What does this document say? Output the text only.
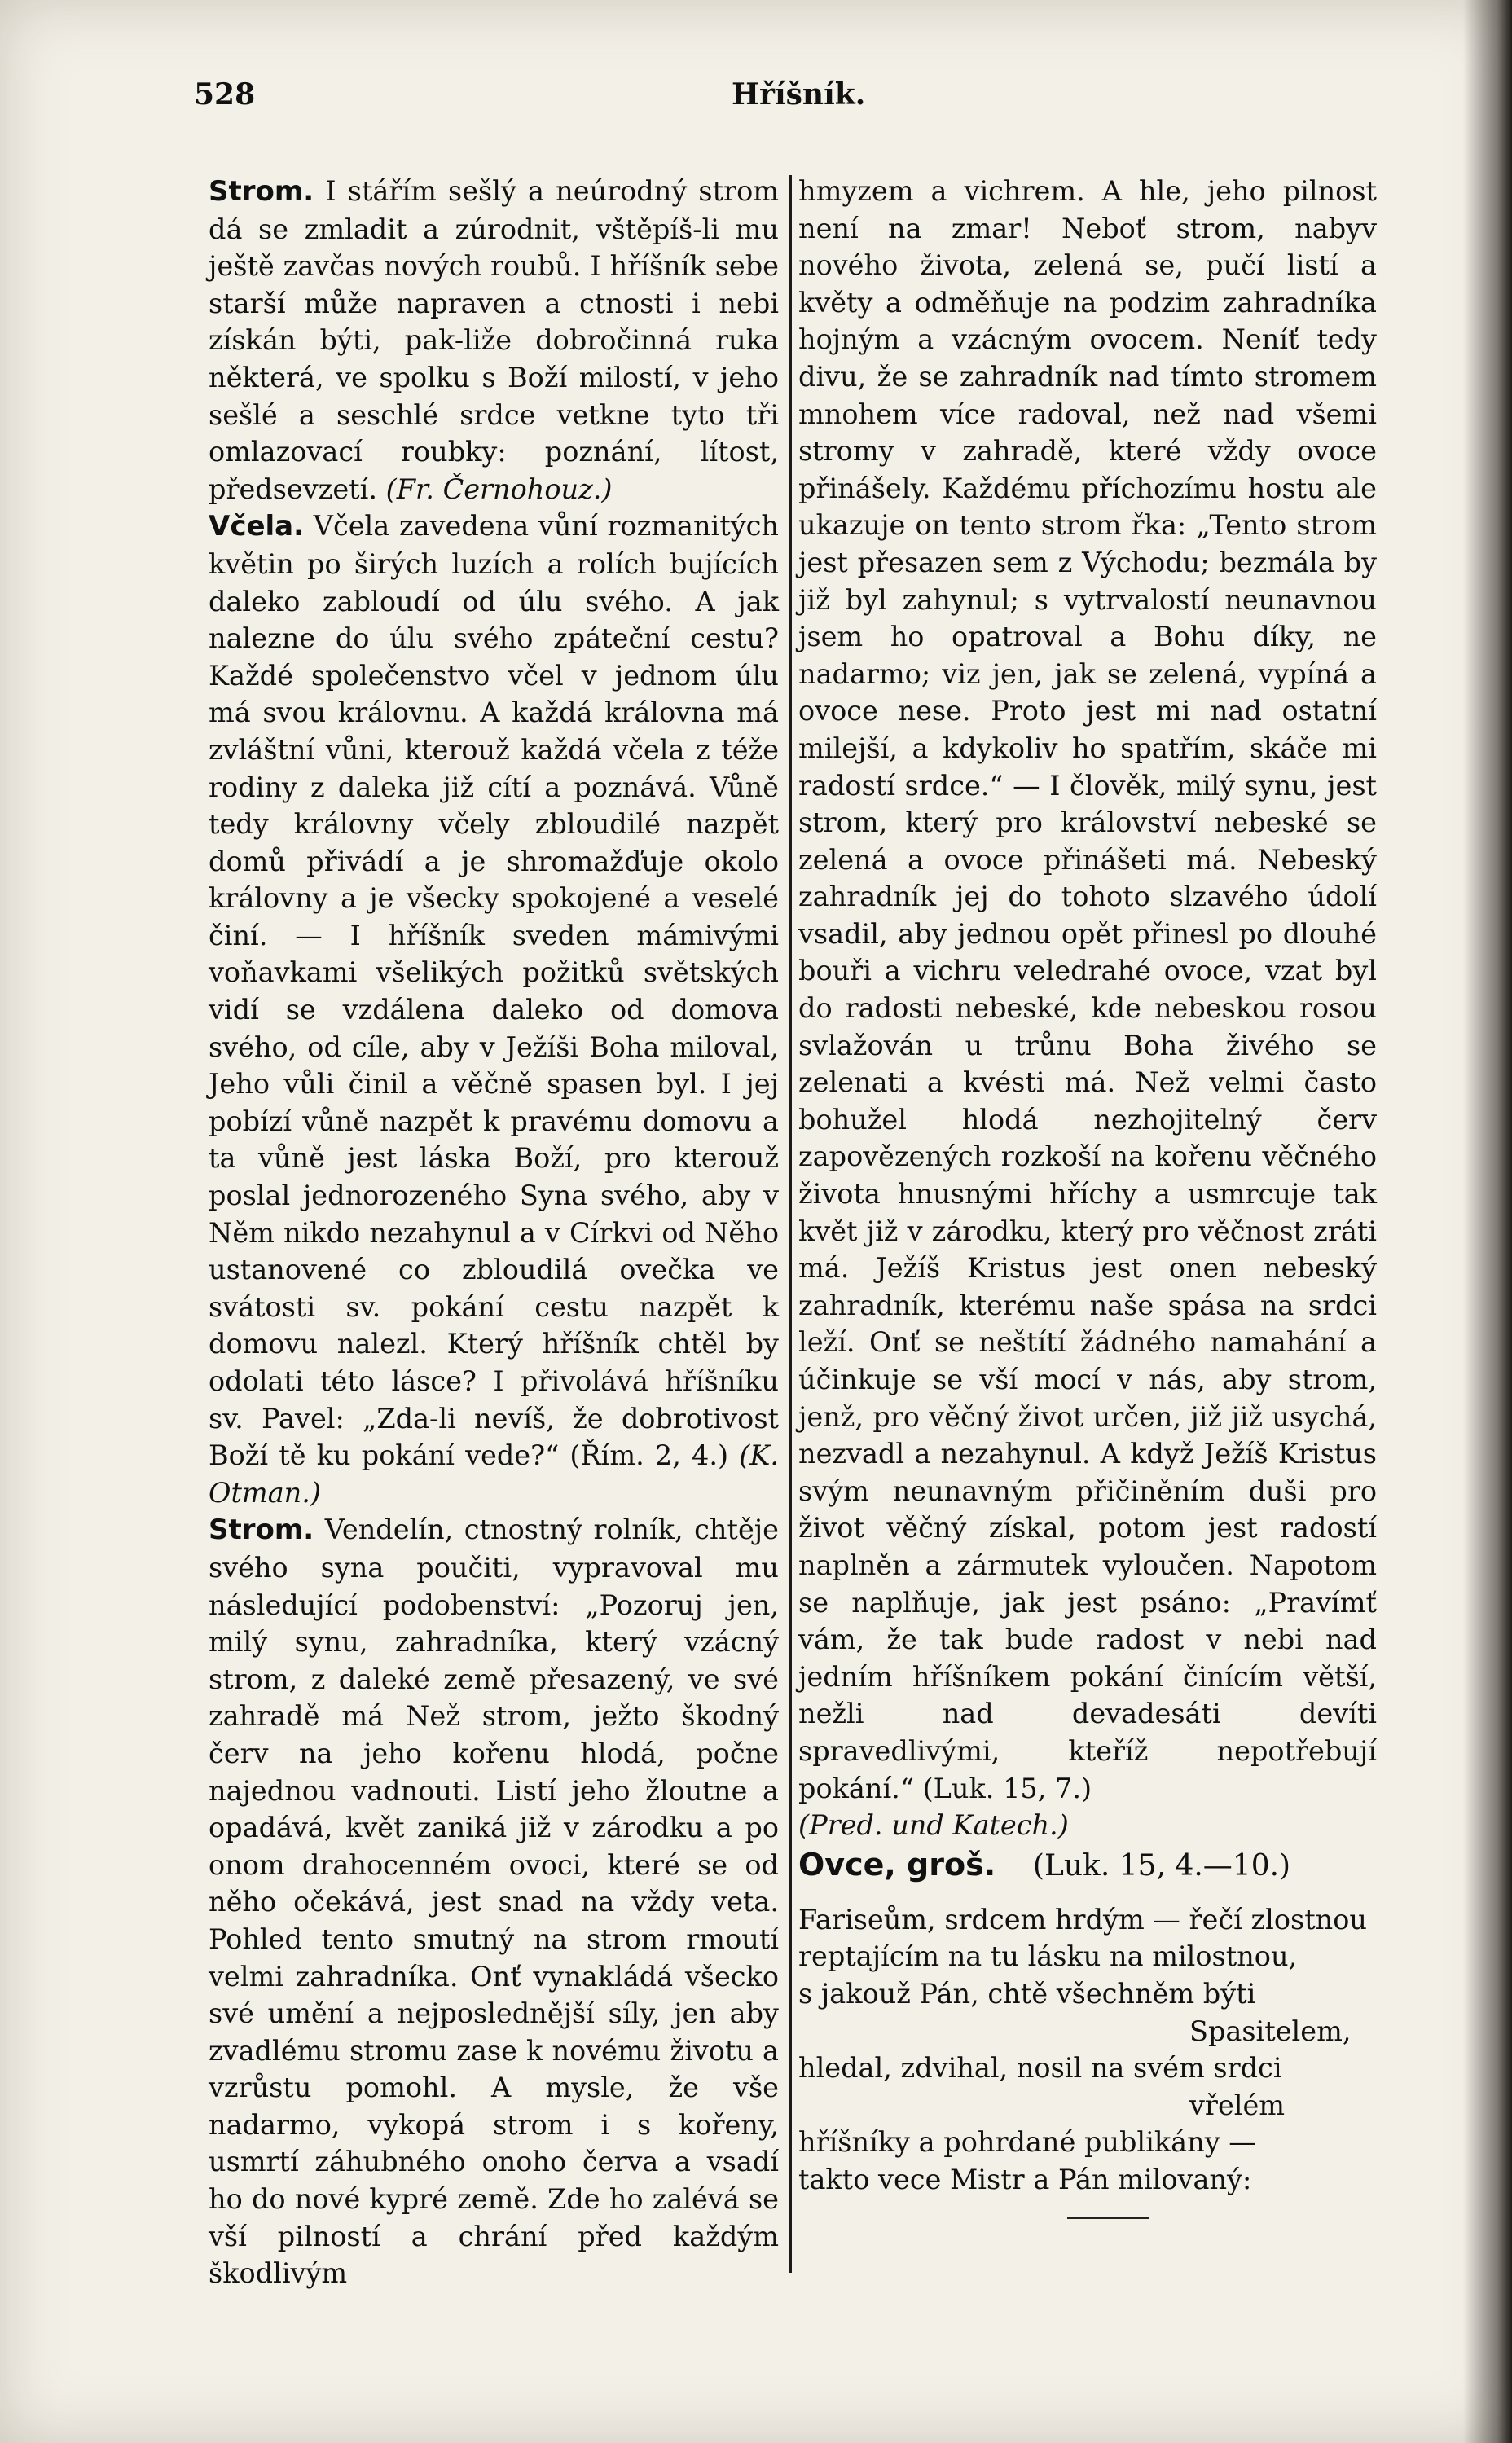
528	Hříšník.

Strom. I stářím sešlý a neúrodný strom dá se zmladit a zúrodnit, vštěpíš-li mu ještě zavčas nových roubů. I hříšník sebe starší může napraven a ctnosti i nebi získán býti, pak-liže dobročinná ruka některá, ve spolku s Boží milostí, v jeho sešlé a seschlé srdce vetkne tyto tři omlazovací roubky: poznání, lítost, předsevzetí. (Fr. Černohouz.)

Včela. Včela zavedena vůní rozmanitých květin po širých luzích a rolích bujících daleko zabloudí od úlu svého. A jak nalezne do úlu svého zpáteční cestu? Každé společenstvo včel v jednom úlu má svou královnu. A každá královna má zvláštní vůni, kterouž každá včela z téže rodiny z daleka již cítí a poznává. Vůně tedy královny včely zbloudilé nazpět domů přivádí a je shromažďuje okolo královny a je všecky spokojené a veselé činí. — I hříšník sveden mámivými voňavkami všelikých požitků světských vidí se vzdálena daleko od domova svého, od cíle, aby v Ježíši Boha miloval, Jeho vůli činil a věčně spasen byl. I jej pobízí vůně nazpět k pravému domovu a ta vůně jest láska Boží, pro kterouž poslal jednorozeného Syna svého, aby v Něm nikdo nezahynul a v Církvi od Něho ustanovené co zbloudilá ovečka ve svátosti sv. pokání cestu nazpět k domovu nalezl. Který hříšník chtěl by odolati této lásce? I přivolává hříšníku sv. Pavel: „Zda-li nevíš, že dobrotivost Boží tě ku pokání vede?“ (Řím. 2, 4.) (K. Otman.)

Strom. Vendelín, ctnostný rolník, chtěje svého syna poučiti, vypravoval mu následující podobenství: „Pozoruj jen, milý synu, zahradníka, který vzácný strom, z daleké země přesazený, ve své zahradě má Než strom, ježto škodný červ na jeho kořenu hlodá, počne najednou vadnouti. Listí jeho žloutne a opadává, květ zaniká již v zárodku a po onom drahocenném ovoci, které se od něho očekává, jest snad na vždy veta. Pohled tento smutný na strom rmoutí velmi zahradníka. Onť vynakládá všecko své umění a nejposlednější síly, jen aby zvadlému stromu zase k novému životu a vzrůstu pomohl. A mysle, že vše nadarmo, vykopá strom i s kořeny, usmrtí záhubného onoho červa a vsadí ho do nové kypré země. Zde ho zalévá se vší pilností a chrání před každým škodlivým

hmyzem a vichrem. A hle, jeho pilnost není na zmar! Neboť strom, nabyv nového života, zelená se, pučí listí a květy a odměňuje na podzim zahradníka hojným a vzácným ovocem. Neníť tedy divu, že se zahradník nad tímto stromem mnohem více radoval, než nad všemi stromy v zahradě, které vždy ovoce přinášely. Každému příchozímu hostu ale ukazuje on tento strom řka: „Tento strom jest přesazen sem z Východu; bezmála by již byl zahynul; s vytrvalostí neunavnou jsem ho opatroval a Bohu díky, ne nadarmo; viz jen, jak se zelená, vypíná a ovoce nese. Proto jest mi nad ostatní milejší, a kdykoliv ho spatřím, skáče mi radostí srdce.“ — I člověk, milý synu, jest strom, který pro království nebeské se zelená a ovoce přinášeti má. Nebeský zahradník jej do tohoto slzavého údolí vsadil, aby jednou opět přinesl po dlouhé bouři a vichru veledrahé ovoce, vzat byl do radosti nebeské, kde nebeskou rosou svlažován u trůnu Boha živého se zelenati a kvésti má. Než velmi často bohužel hlodá nezhojitelný červ zapovězených rozkoší na kořenu věčného života hnusnými hříchy a usmrcuje tak květ již v zárodku, který pro věčnost zráti má. Ježíš Kristus jest onen nebeský zahradník, kterému naše spása na srdci leží. Onť se neštítí žádného namahání a účinkuje se vší mocí v nás, aby strom, jenž, pro věčný život určen, již již usychá, nezvadl a nezahynul. A když Ježíš Kristus svým neunavným přičiněním duši pro život věčný získal, potom jest radostí naplněn a zármutek vyloučen. Napotom se naplňuje, jak jest psáno: „Pravímť vám, že tak bude radost v nebi nad jedním hříšníkem pokání činícím větší, nežli nad devadesáti devíti spravedlivými, kteříž nepotřebují pokání.“ (Luk. 15, 7.)

(Pred. und Katech.)

Ovce, groš. (Luk. 15, 4.—10.)

Fariseům, srdcem hrdým — řečí zlostnou
reptajícím na tu lásku na milostnou,
s jakouž Pán, chtě všechněm býti
Spasitelem,
hledal, zdvihal, nosil na svém srdci
vřelém
hříšníky a pohrdané publikány —
takto vece Mistr a Pán milovaný:
